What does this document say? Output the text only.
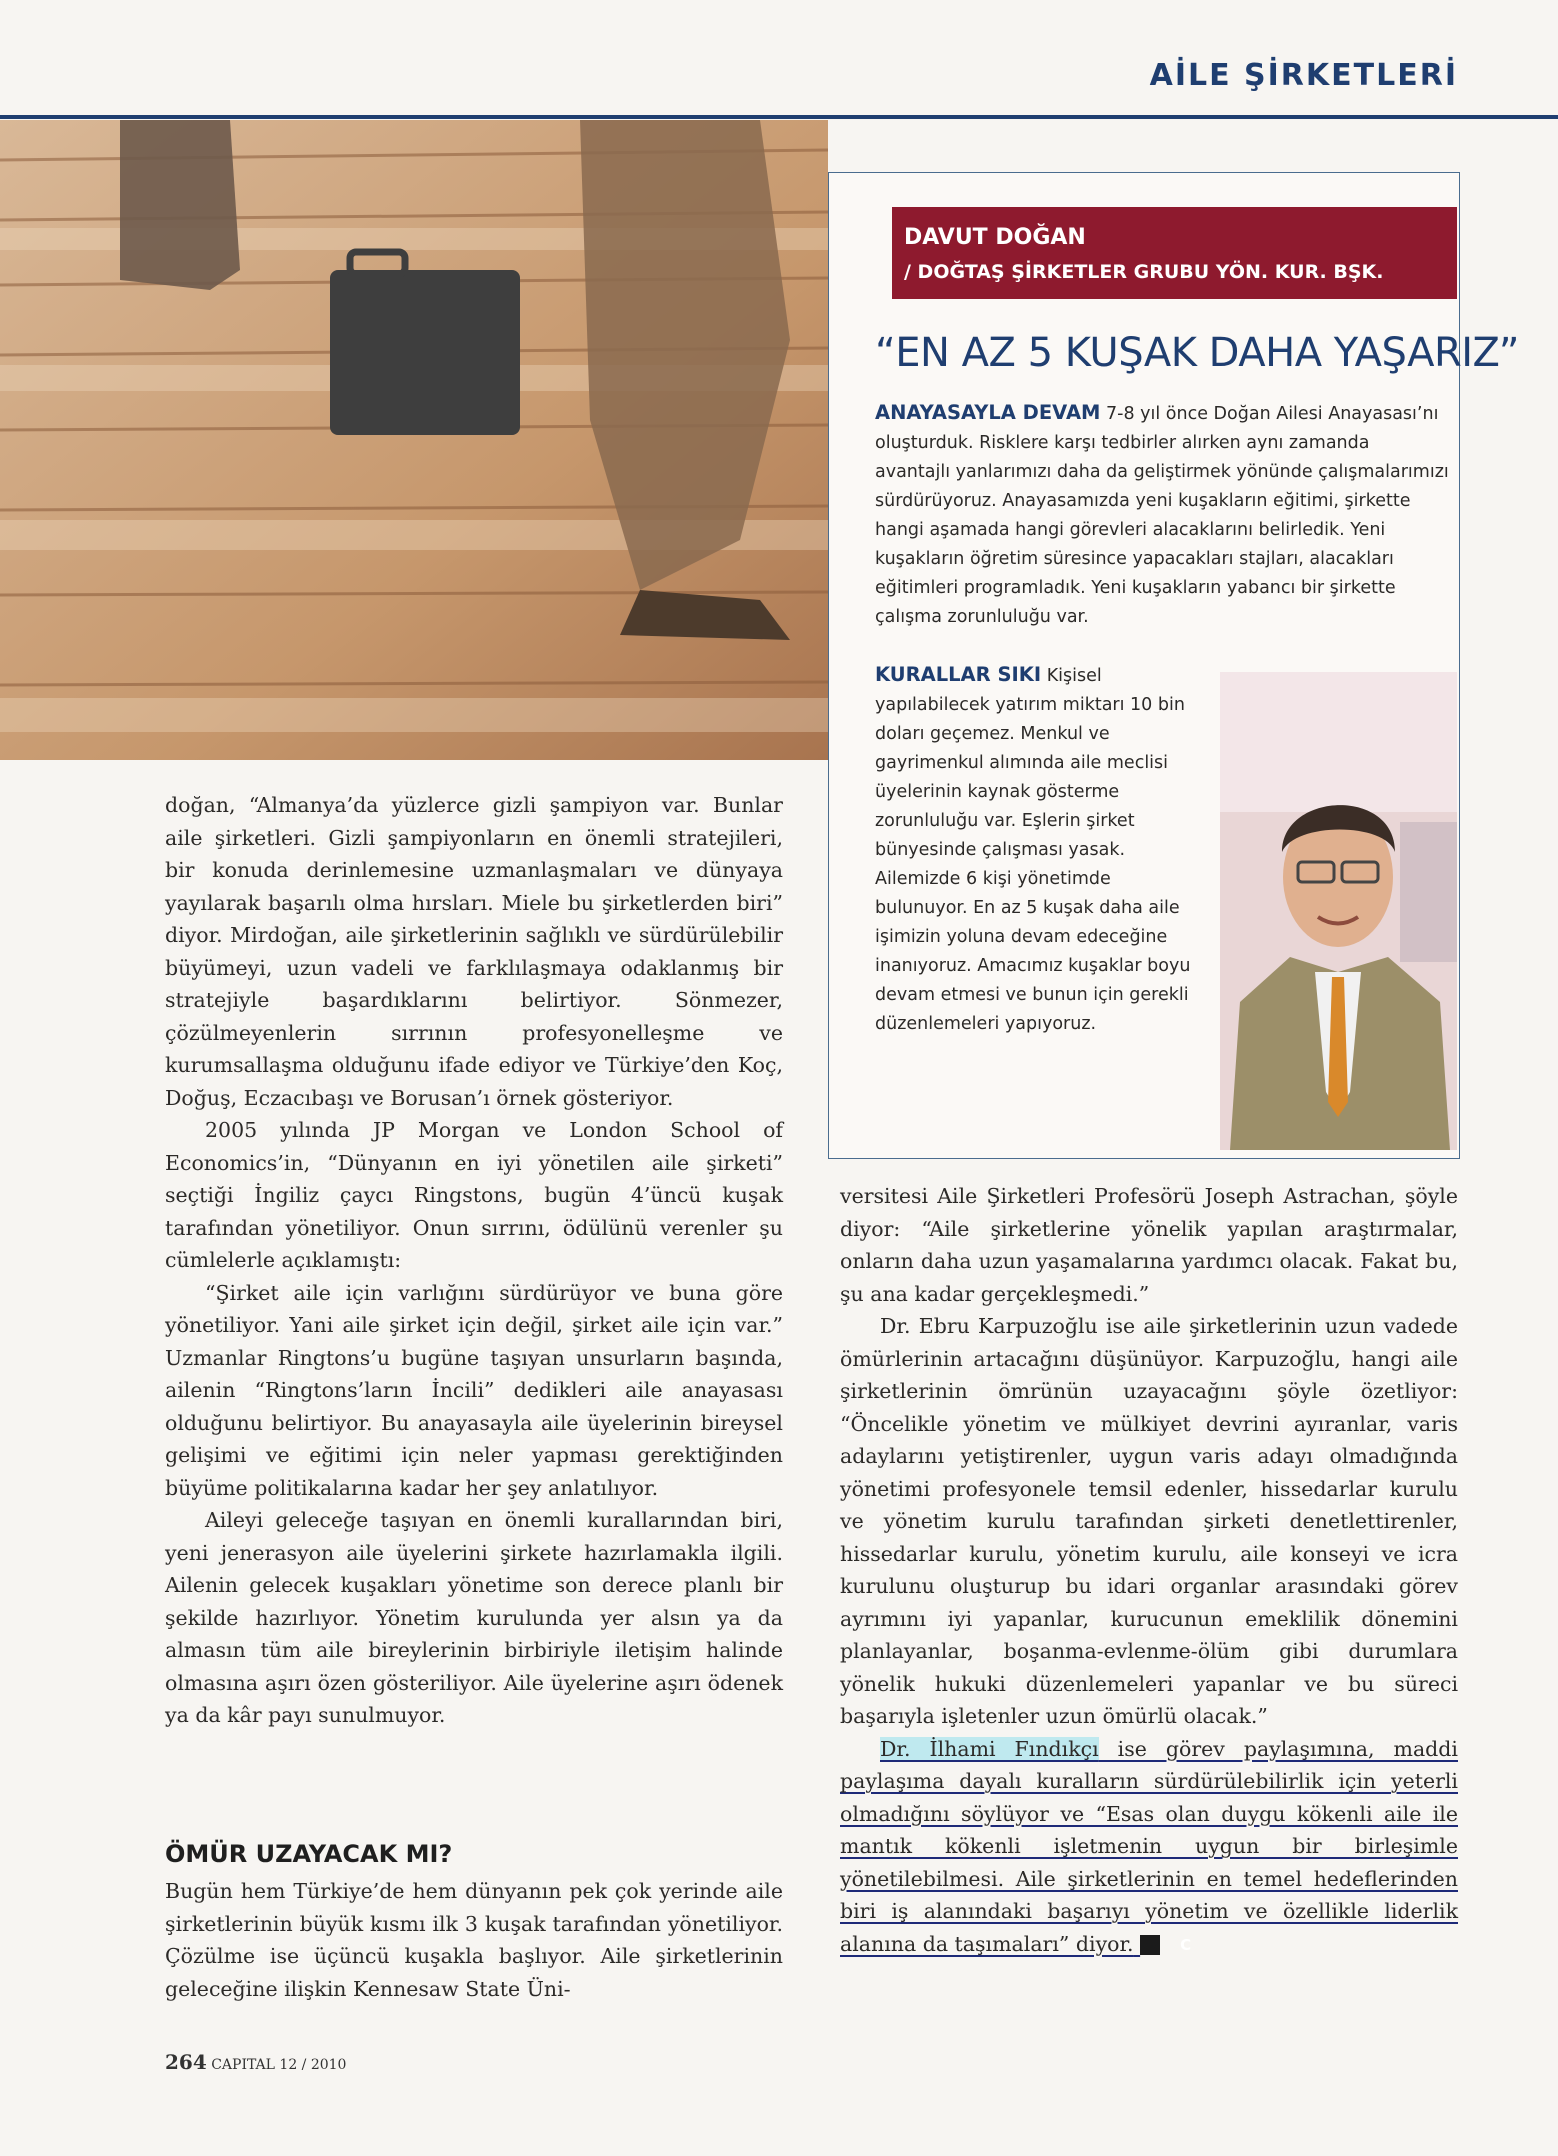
AİLE ŞİRKETLERİ
DAVUT DOĞAN
/ DOĞTAŞ ŞİRKETLER GRUBU YÖN. KUR. BŞK.
“EN AZ 5 KUŞAK DAHA YAŞARIZ”

ANAYASAYLA DEVAM 7-8 yıl önce Doğan Ailesi Anayasası’nı oluşturduk. Risklere karşı tedbirler alırken aynı zamanda avantajlı yanlarımızı daha da geliştirmek yönünde çalışmalarımızı sürdürüyoruz. Anayasamızda yeni kuşakların eğitimi, şirkette hangi aşamada hangi görevleri alacaklarını belirledik. Yeni kuşakların öğretim süresince yapacakları stajları, alacakları eğitimleri programladık. Yeni kuşakların yabancı bir şirkette çalışma zorunluluğu var.

KURALLAR SIKI Kişisel yapılabilecek yatırım miktarı 10 bin doları geçemez. Menkul ve gayrimenkul alımında aile meclisi üyelerinin kaynak gösterme zorunluluğu var. Eşlerin şirket bünyesinde çalışması yasak. Ailemizde 6 kişi yönetimde bulunuyor. En az 5 kuşak daha aile işimizin yoluna devam edeceğine inanıyoruz. Amacımız kuşaklar boyu devam etmesi ve bunun için gerekli düzenlemeleri yapıyoruz.

doğan, “Almanya’da yüzlerce gizli şampiyon var. Bunlar aile şirketleri. Gizli şampiyonların en önemli stratejileri, bir konuda derinlemesine uzmanlaşmaları ve dünyaya yayılarak başarılı olma hırsları. Miele bu şirketlerden biri” diyor. Mirdoğan, aile şirketlerinin sağlıklı ve sürdürülebilir büyümeyi, uzun vadeli ve farklılaşmaya odaklanmış bir stratejiyle başardıklarını belirtiyor. Sönmezer, çözülmeyenlerin sırrının profesyonelleşme ve kurumsallaşma olduğunu ifade ediyor ve Türkiye’den Koç, Doğuş, Eczacıbaşı ve Borusan’ı örnek gösteriyor.

2005 yılında JP Morgan ve London School of Economics’in, “Dünyanın en iyi yönetilen aile şirketi” seçtiği İngiliz çaycı Ringstons, bugün 4’üncü kuşak tarafından yönetiliyor. Onun sırrını, ödülünü verenler şu cümlelerle açıklamıştı:

“Şirket aile için varlığını sürdürüyor ve buna göre yönetiliyor. Yani aile şirket için değil, şirket aile için var.” Uzmanlar Ringtons’u bugüne taşıyan unsurların başında, ailenin “Ringtons’ların İncili” dedikleri aile anayasası olduğunu belirtiyor. Bu anayasayla aile üyelerinin bireysel gelişimi ve eğitimi için neler yapması gerektiğinden büyüme politikalarına kadar her şey anlatılıyor.

Aileyi geleceğe taşıyan en önemli kurallarından biri, yeni jenerasyon aile üyelerini şirkete hazırlamakla ilgili. Ailenin gelecek kuşakları yönetime son derece planlı bir şekilde hazırlıyor. Yönetim kurulunda yer alsın ya da almasın tüm aile bireylerinin birbiriyle iletişim halinde olmasına aşırı özen gösteriliyor. Aile üyelerine aşırı ödenek ya da kâr payı sunulmuyor.

ÖMÜR UZAYACAK MI?

Bugün hem Türkiye’de hem dünyanın pek çok yerinde aile şirketlerinin büyük kısmı ilk 3 kuşak tarafından yönetiliyor. Çözülme ise üçüncü kuşakla başlıyor. Aile şirketlerinin geleceğine ilişkin Kennesaw State Üni-

versitesi Aile Şirketleri Profesörü Joseph Astrachan, şöyle diyor: “Aile şirketlerine yönelik yapılan araştırmalar, onların daha uzun yaşamalarına yardımcı olacak. Fakat bu, şu ana kadar gerçekleşmedi.”

Dr. Ebru Karpuzoğlu ise aile şirketlerinin uzun vadede ömürlerinin artacağını düşünüyor. Karpuzoğlu, hangi aile şirketlerinin ömrünün uzayacağını şöyle özetliyor: “Öncelikle yönetim ve mülkiyet devrini ayıranlar, varis adaylarını yetiştirenler, uygun varis adayı olmadığında yönetimi profesyonele temsil edenler, hissedarlar kurulu ve yönetim kurulu tarafından şirketi denetlettirenler, hissedarlar kurulu, yönetim kurulu, aile konseyi ve icra kurulunu oluşturup bu idari organlar arasındaki görev ayrımını iyi yapanlar, kurucunun emeklilik dönemini planlayanlar, boşanma-evlenme-ölüm gibi durumlara yönelik hukuki düzenlemeleri yapanlar ve bu süreci başarıyla işletenler uzun ömürlü olacak.”

Dr. İlhami Fındıkçı ise görev paylaşımına, maddi paylaşıma dayalı kuralların sürdürülebilirlik için yeterli olmadığını söylüyor ve “Esas olan duygu kökenli aile ile mantık kökenli işletmenin uygun bir birleşimle yönetilebilmesi. Aile şirketlerinin en temel hedeflerinden biri iş alanındaki başarıyı yönetim ve özellikle liderlik alanına da taşımaları” diyor.	C

264 CAPITAL 12 / 2010
